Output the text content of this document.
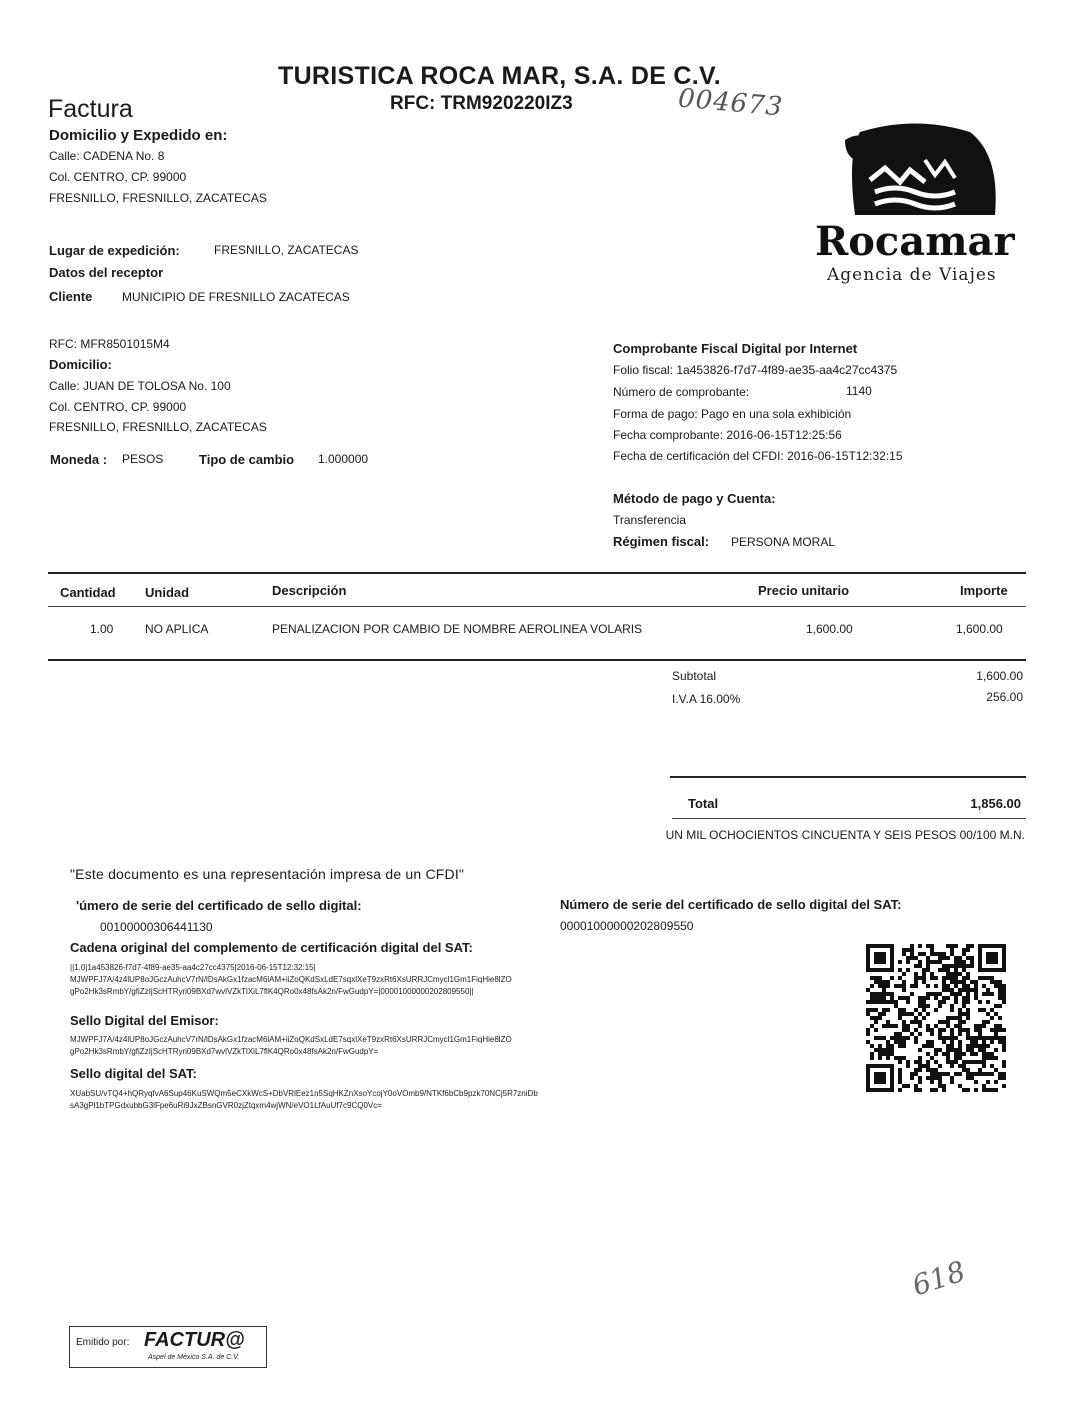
TURISTICA ROCA MAR, S.A. DE C.V.
RFC: TRM920220IZ3
Factura	004673
Domicilio y Expedido en:
Calle: CADENA No. 8
Col. CENTRO, CP. 99000
FRESNILLO, FRESNILLO, ZACATECAS
Rocamar
Agencia de Viajes
Lugar de expedición:	FRESNILLO, ZACATECAS
Datos del receptor
Cliente MUNICIPIO DE FRESNILLO ZACATECAS
RFC: MFR8501015M4
Domicilio:
Calle: JUAN DE TOLOSA No. 100
Col. CENTRO, CP. 99000
FRESNILLO, FRESNILLO, ZACATECAS
Moneda : PESOS	Tipo de cambio 1.000000
Comprobante Fiscal Digital por Internet
Folio fiscal: 1a453826-f7d7-4f89-ae35-aa4c27cc4375
Número de comprobante:	1140
Forma de pago: Pago en una sola exhibición
Fecha comprobante: 2016-06-15T12:25:56
Fecha de certificación del CFDI: 2016-06-15T12:32:15
Método de pago y Cuenta:
Transferencia
Régimen fiscal: PERSONA MORAL
Cantidad Unidad	Descripción	Precio unitario	Importe
1.00	NO APLICA	PENALIZACION POR CAMBIO DE NOMBRE AEROLINEA VOLARIS	1,600.00	1,600.00
Subtotal	1,600.00
I.V.A 16.00%	256.00
Total	1,856.00
UN MIL OCHOCIENTOS CINCUENTA Y SEIS PESOS 00/100 M.N.
"Este documento es una representación impresa de un CFDI"
'úmero de serie del certificado de sello digital:
00100000306441130
Número de serie del certificado de sello digital del SAT:
00001000000202809550
Cadena original del complemento de certificación digital del SAT:
||1.0|1a453826-f7d7-4f89-ae35-aa4c27cc4375|2016-06-15T12:32:15|
MJWPFJ7A/4z4lUP8oJGczAuhcV7rN/lDsAkGx1fzacM6lAM+iiZoQKdSxLdE7sqxlXeT9zxRt6XsURRJCmycl1Gm1FiqHie8lZO
gPo2Hk3sRmbY/gfiZzIjScHTRyri09BXd7wvlVZkTlXiL7flK4QRo0x48fsAk2n/FwGudpY=|00001000000202809550||
Sello Digital del Emisor:
MJWPFJ7A/4z4lUP8oJGczAuhcV7rN/lDsAkGx1fzacM6lAM+iiZoQKdSxLdE7sqxlXeT9zxRt6XsURRJCmycl1Gm1FiqHie8lZO
gPo2Hk3sRmbY/gfiZzIjScHTRyri09BXd7wvlVZkTlXiL7flK4QRo0x48fsAk2n/FwGudpY=
Sello digital del SAT:
XUabSU/vTQ4+hQRyqfvA6Sup46KuSWQm5eCXkWcS+DbVRlEez1n5SqHKZnXsoYcojY0oVOmb9/NTKf6bCb9pzk70NCj5R7zniDb
sA3gPl1bTPGdxubbG3lFpe6uRi9JxZBsnGVR0zjZtqxm4wjWN/eVO1LfAuUf7c9CQ0Vc=
618
Emitido por: FACTUR@
Aspel de México S.A. de C.V.
